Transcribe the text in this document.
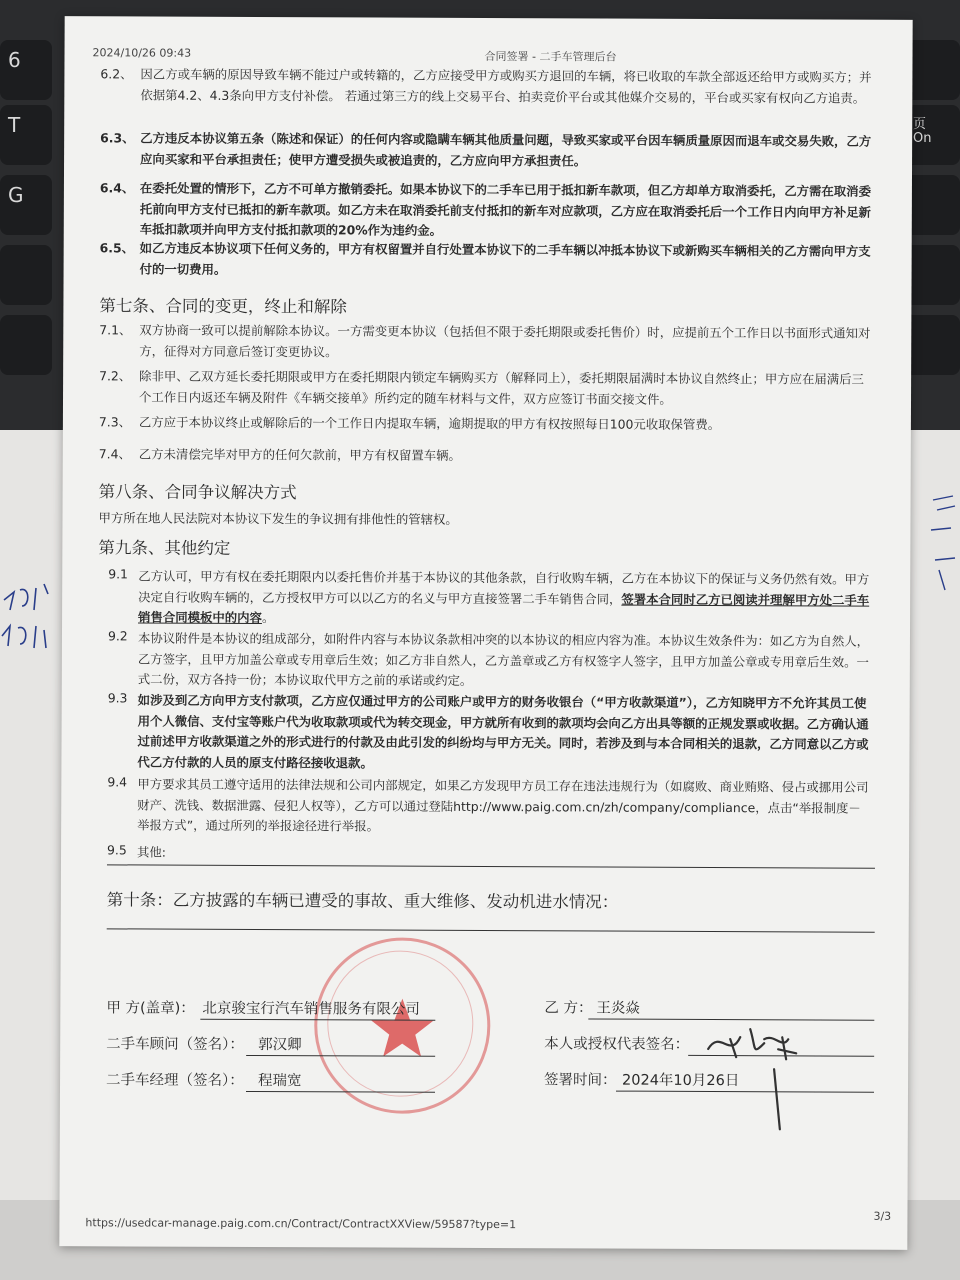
6
T
G
页
On
2024/10/26 09:43	合同签署 - 二手车管理后台
6.2、 因乙方或车辆的原因导致车辆不能过户或转籍的，乙方应接受甲方或购买方退回的车辆，将已收取的车款全部返还给甲方或购买方；并依据第4.2、4.3条向甲方支付补偿。 若通过第三方的线上交易平台、拍卖竞价平台或其他媒介交易的，平台或买家有权向乙方追责。
6.3、 乙方违反本协议第五条（陈述和保证）的任何内容或隐瞒车辆其他质量问题，导致买家或平台因车辆质量原因而退车或交易失败，乙方应向买家和平台承担责任；使甲方遭受损失或被追责的，乙方应向甲方承担责任。
6.4、 在委托处置的情形下，乙方不可单方撤销委托。如果本协议下的二手车已用于抵扣新车款项，但乙方却单方取消委托，乙方需在取消委托前向甲方支付已抵扣的新车款项。如乙方未在取消委托前支付抵扣的新车对应款项，乙方应在取消委托后一个工作日内向甲方补足新车抵扣款项并向甲方支付抵扣款项的20%作为违约金。
6.5、 如乙方违反本协议项下任何义务的，甲方有权留置并自行处置本协议下的二手车辆以冲抵本协议下或新购买车辆相关的乙方需向甲方支付的一切费用。
第七条、合同的变更，终止和解除
7.1、 双方协商一致可以提前解除本协议。一方需变更本协议（包括但不限于委托期限或委托售价）时，应提前五个工作日以书面形式通知对方，征得对方同意后签订变更协议。
7.2、 除非甲、乙双方延长委托期限或甲方在委托期限内锁定车辆购买方（解释同上），委托期限届满时本协议自然终止；甲方应在届满后三个工作日内返还车辆及附件《车辆交接单》所约定的随车材料与文件，双方应签订书面交接文件。
7.3、 乙方应于本协议终止或解除后的一个工作日内提取车辆，逾期提取的甲方有权按照每日100元收取保管费。
7.4、 乙方未清偿完毕对甲方的任何欠款前，甲方有权留置车辆。
第八条、合同争议解决方式
甲方所在地人民法院对本协议下发生的争议拥有排他性的管辖权。
第九条、其他约定
9.1 乙方认可，甲方有权在委托期限内以委托售价并基于本协议的其他条款，自行收购车辆，乙方在本协议下的保证与义务仍然有效。甲方决定自行收购车辆的，乙方授权甲方可以以乙方的名义与甲方直接签署二手车销售合同，签署本合同时乙方已阅读并理解甲方处二手车销售合同模板中的内容。
9.2 本协议附件是本协议的组成部分，如附件内容与本协议条款相冲突的以本协议的相应内容为准。本协议生效条件为：如乙方为自然人，乙方签字，且甲方加盖公章或专用章后生效；如乙方非自然人，乙方盖章或乙方有权签字人签字，且甲方加盖公章或专用章后生效。一式二份，双方各持一份；本协议取代甲方之前的承诺或约定。
9.3 如涉及到乙方向甲方支付款项，乙方应仅通过甲方的公司账户或甲方的财务收银台（“甲方收款渠道”），乙方知晓甲方不允许其员工使用个人微信、支付宝等账户代为收取款项或代为转交现金，甲方就所有收到的款项均会向乙方出具等额的正规发票或收据。乙方确认通过前述甲方收款渠道之外的形式进行的付款及由此引发的纠纷均与甲方无关。同时，若涉及到与本合同相关的退款，乙方同意以乙方或代乙方付款的人员的原支付路径接收退款。
9.4 甲方要求其员工遵守适用的法律法规和公司内部规定，如果乙方发现甲方员工存在违法违规行为（如腐败、商业贿赂、侵占或挪用公司财产、洗钱、数据泄露、侵犯人权等），乙方可以通过登陆http://www.paig.com.cn/zh/company/compliance，点击“举报制度－举报方式”，通过所列的举报途径进行举报。
9.5 其他:
第十条：乙方披露的车辆已遭受的事故、重大维修、发动机进水情况：
甲 方(盖章)： 北京骏宝行汽车销售服务有限公司
二手车顾问（签名）： 郭汉卿
二手车经理（签名）： 程瑞宽
乙 方： 王炎焱
本人或授权代表签名：
签署时间： 2024年10月26日
https://usedcar-manage.paig.com.cn/Contract/ContractXXView/59587?type=1
3/3
